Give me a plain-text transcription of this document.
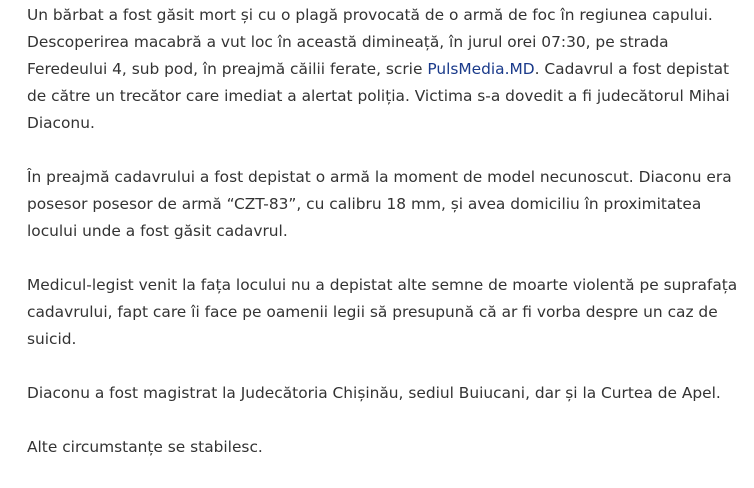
Un bărbat a fost găsit mort și cu o plagă provocată de o armă de foc în regiunea capului. Descoperirea macabră a vut loc în această dimineață, în jurul orei 07:30, pe strada Feredeului 4, sub pod, în preajmă căilii ferate, scrie PulsMedia.MD. Cadavrul a fost depistat de către un trecător care imediat a alertat poliția. Victima s-a dovedit a fi judecătorul Mihai Diaconu.

În preajmă cadavrului a fost depistat o armă la moment de model necunoscut. Diaconu era posesor posesor de armă “CZT-83”, cu calibru 18 mm, și avea domiciliu în proximitatea locului unde a fost găsit cadavrul.

Medicul-legist venit la fața locului nu a depistat alte semne de moarte violentă pe suprafața cadavrului, fapt care îi face pe oamenii legii să presupună că ar fi vorba despre un caz de suicid.

Diaconu a fost magistrat la Judecătoria Chișinău, sediul Buiucani, dar și la Curtea de Apel.

Alte circumstanțe se stabilesc.
